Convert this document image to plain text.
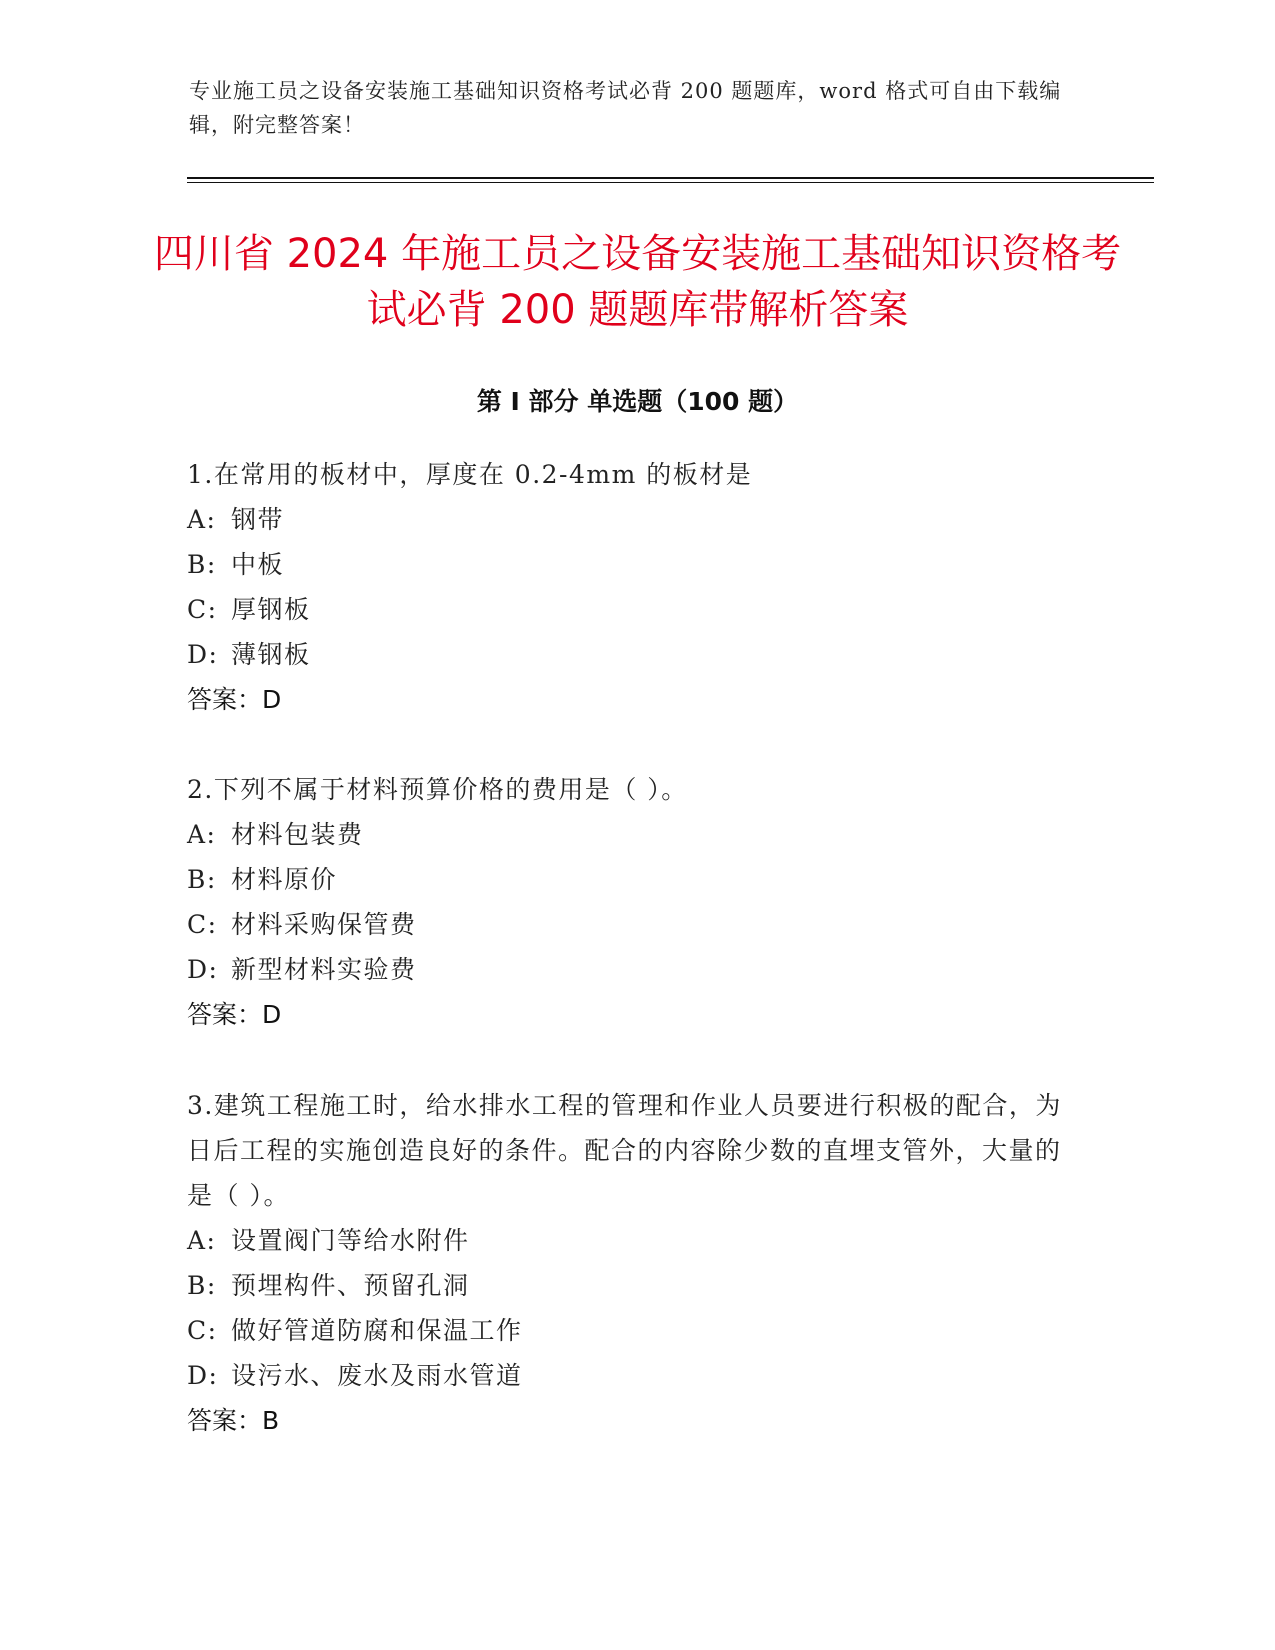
专业施工员之设备安装施工基础知识资格考试必背 200 题题库，word 格式可自由下载编辑，附完整答案！
四川省 2024 年施工员之设备安装施工基础知识资格考试必背 200 题题库带解析答案
第 I 部分 单选题（100 题）

1.在常用的板材中，厚度在 0.2-4mm 的板材是

A: 钢带

B: 中板

C: 厚钢板

D: 薄钢板

答案：D

2.下列不属于材料预算价格的费用是（ ）。

A: 材料包装费

B: 材料原价

C: 材料采购保管费

D: 新型材料实验费

答案：D

3.建筑工程施工时，给水排水工程的管理和作业人员要进行积极的配合，为日后工程的实施创造良好的条件。配合的内容除少数的直埋支管外，大量的是（ ）。

A: 设置阀门等给水附件

B: 预埋构件、预留孔洞

C: 做好管道防腐和保温工作

D: 设污水、废水及雨水管道

答案：B
